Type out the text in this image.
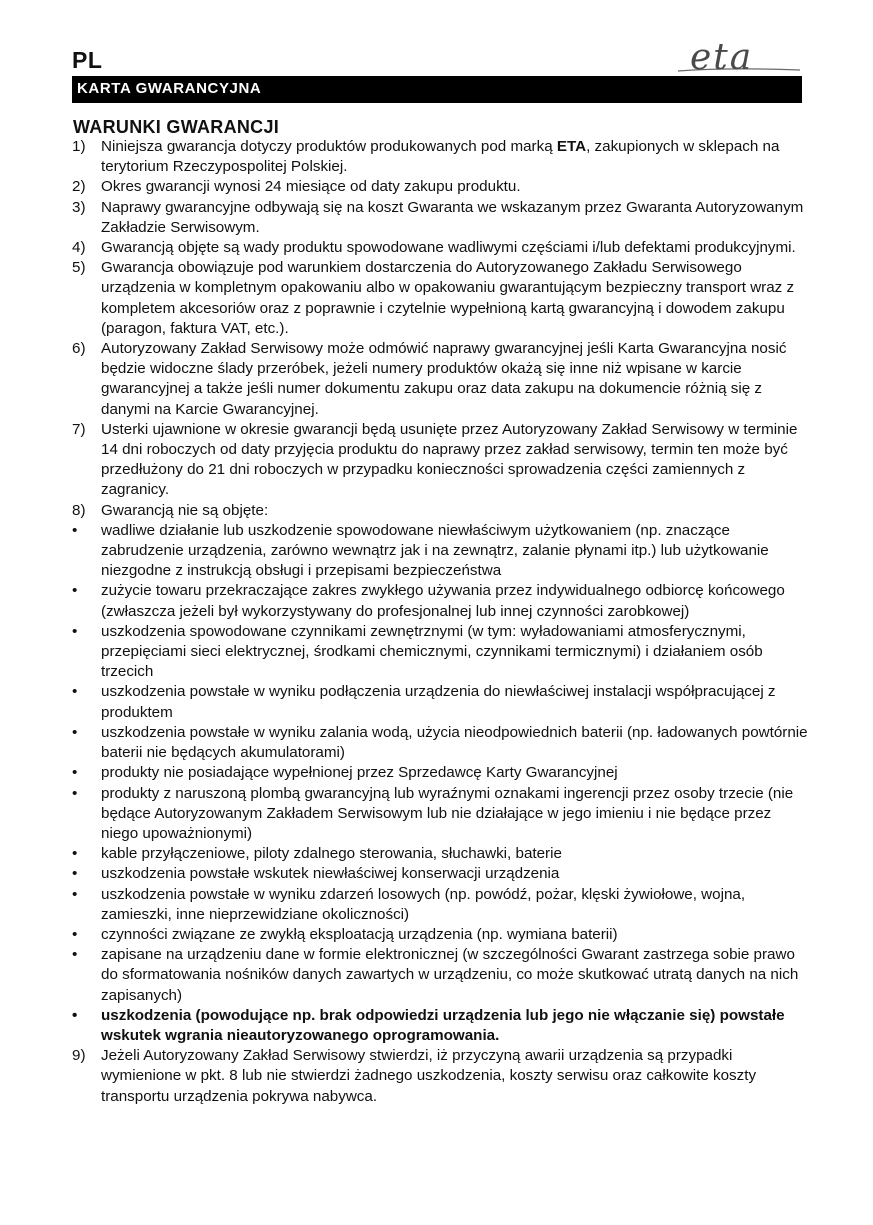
PL	eta
KARTA GWARANCYJNA
WARUNKI GWARANCJI
1)	Niniejsza gwarancja dotyczy produktów produkowanych pod marką ETA, zakupionych w sklepach na terytorium Rzeczypospolitej Polskiej.
2)	Okres gwarancji wynosi 24 miesiące od daty zakupu produktu.
3)	Naprawy gwarancyjne odbywają się na koszt Gwaranta we wskazanym przez Gwaranta Autoryzowanym Zakładzie Serwisowym.
4)	Gwarancją objęte są wady produktu spowodowane wadliwymi częściami i/lub defektami produkcyjnymi.
5)	Gwarancja obowiązuje pod warunkiem dostarczenia do Autoryzowanego Zakładu Serwisowego urządzenia w kompletnym opakowaniu albo w opakowaniu gwarantującym bezpieczny transport wraz z kompletem akcesoriów oraz z poprawnie i czytelnie wypełnioną kartą gwarancyjną i dowodem zakupu (paragon, faktura VAT, etc.).
6)	Autoryzowany Zakład Serwisowy może odmówić naprawy gwarancyjnej jeśli Karta Gwarancyjna nosić będzie widoczne ślady przeróbek, jeżeli numery produktów okażą się inne niż wpisane w karcie gwarancyjnej a także jeśli numer dokumentu zakupu oraz data zakupu na dokumencie różnią się z danymi na Karcie Gwarancyjnej.
7)	Usterki ujawnione w okresie gwarancji będą usunięte przez Autoryzowany Zakład Serwisowy w terminie 14 dni roboczych od daty przyjęcia produktu do naprawy przez zakład serwisowy, termin ten może być przedłużony do 21 dni roboczych w przypadku konieczności sprowadzenia części zamiennych z zagranicy.
8)	Gwarancją nie są objęte:
•	wadliwe działanie lub uszkodzenie spowodowane niewłaściwym użytkowaniem (np. znaczące zabrudzenie urządzenia, zarówno wewnątrz jak i na zewnątrz, zalanie płynami itp.) lub użytkowanie niezgodne z instrukcją obsługi i przepisami bezpieczeństwa
•	zużycie towaru przekraczające zakres zwykłego używania przez indywidualnego odbiorcę końcowego (zwłaszcza jeżeli był wykorzystywany do profesjonalnej lub innej czynności zarobkowej)
•	uszkodzenia spowodowane czynnikami zewnętrznymi (w tym: wyładowaniami atmosferycznymi, przepięciami sieci elektrycznej, środkami chemicznymi, czynnikami termicznymi) i działaniem osób trzecich
•	uszkodzenia powstałe w wyniku podłączenia urządzenia do niewłaściwej instalacji współpracującej z produktem
•	uszkodzenia powstałe w wyniku zalania wodą, użycia nieodpowiednich baterii (np. ładowanych powtórnie baterii nie będących akumulatorami)
•	produkty nie posiadające wypełnionej przez Sprzedawcę Karty Gwarancyjnej
•	produkty z naruszoną plombą gwarancyjną lub wyraźnymi oznakami ingerencji przez osoby trzecie (nie będące Autoryzowanym Zakładem Serwisowym lub nie działające w jego imieniu i nie będące przez niego upoważnionymi)
•	kable przyłączeniowe, piloty zdalnego sterowania, słuchawki, baterie
•	uszkodzenia powstałe wskutek niewłaściwej konserwacji urządzenia
•	uszkodzenia powstałe w wyniku zdarzeń losowych (np. powódź, pożar, klęski żywiołowe, wojna, zamieszki, inne nieprzewidziane okoliczności)
•	czynności związane ze zwykłą eksploatacją urządzenia (np. wymiana baterii)
•	zapisane na urządzeniu dane w formie elektronicznej (w szczególności Gwarant zastrzega sobie prawo do sformatowania nośników danych zawartych w urządzeniu, co może skutkować utratą danych na nich zapisanych)
•	uszkodzenia (powodujące np. brak odpowiedzi urządzenia lub jego nie włączanie się) powstałe wskutek wgrania nieautoryzowanego oprogramowania.
9)	Jeżeli Autoryzowany Zakład Serwisowy stwierdzi, iż przyczyną awarii urządzenia są przypadki wymienione w pkt. 8 lub nie stwierdzi żadnego uszkodzenia, koszty serwisu oraz całkowite koszty transportu urządzenia pokrywa nabywca.
